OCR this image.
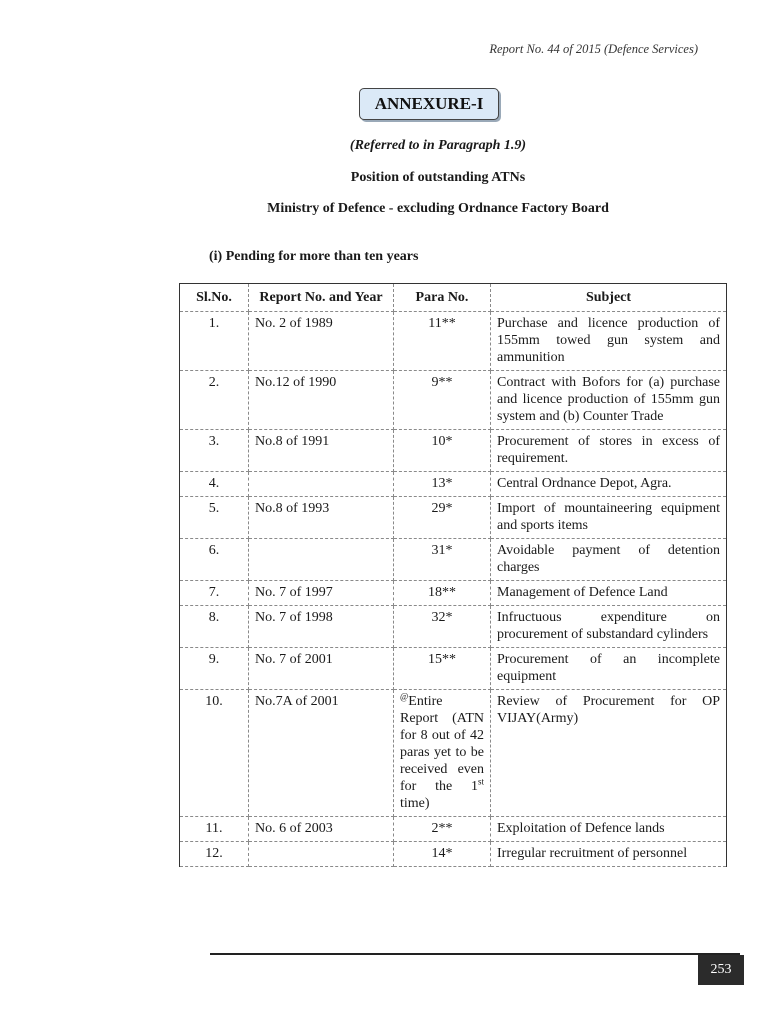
Report No. 44 of 2015 (Defence Services)
ANNEXURE-I
(Referred to in Paragraph 1.9)
Position of outstanding ATNs
Ministry of Defence - excluding Ordnance Factory Board
(i) Pending for more than ten years
Sl.No.	Report No. and Year	Para No.	Subject
1.	No. 2 of 1989	11**	Purchase and licence production of 155mm towed gun system and ammunition
2.	No.12 of 1990	9**	Contract with Bofors for (a) purchase and licence production of 155mm gun system and (b) Counter Trade
3.	No.8 of 1991	10*	Procurement of stores in excess of requirement.
4.		13*	Central Ordnance Depot, Agra.
5.	No.8 of 1993	29*	Import of mountaineering equipment and sports items
6.		31*	Avoidable payment of detention charges
7.	No. 7 of 1997	18**	Management of Defence Land
8.	No. 7 of 1998	32*	Infructuous expenditure on procurement of substandard cylinders
9.	No. 7 of 2001	15**	Procurement of an incomplete equipment
10.	No.7A of 2001	@Entire Report (ATN for 8 out of 42 paras yet to be received even for the 1st time)	Review of Procurement for OP VIJAY(Army)
11.	No. 6 of 2003	2**	Exploitation of Defence lands
12.		14*	Irregular recruitment of personnel
253
